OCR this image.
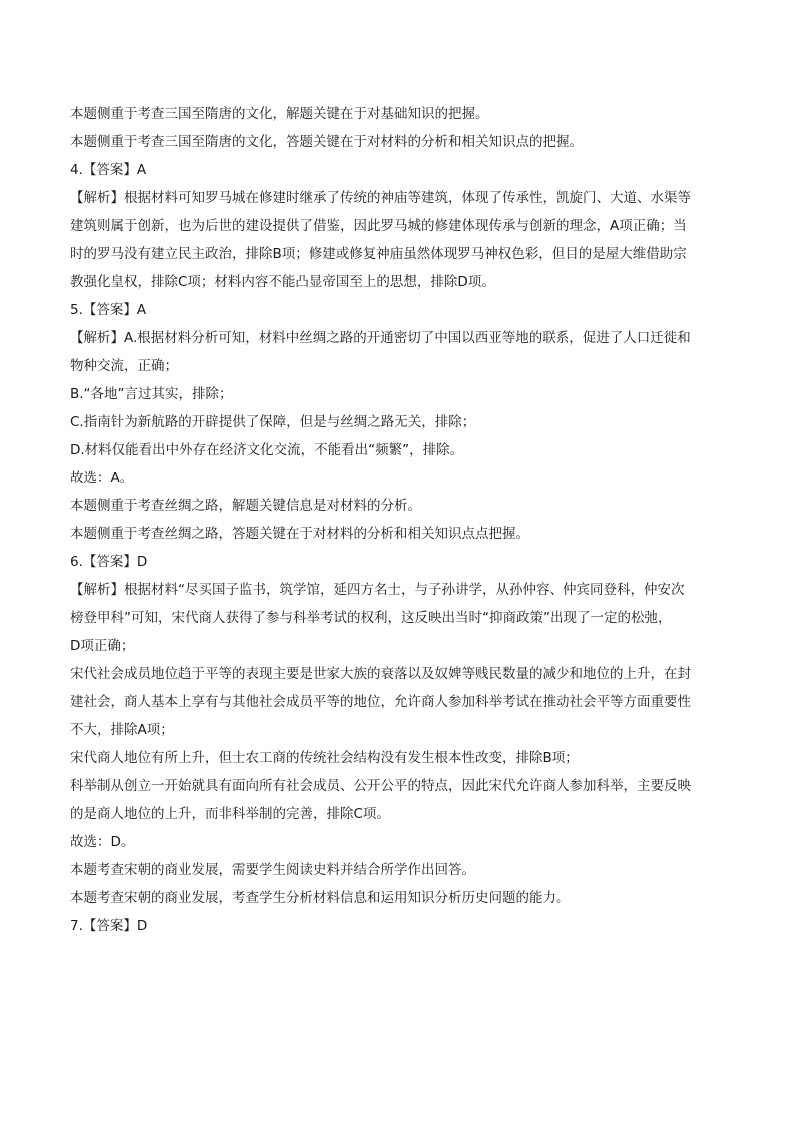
本题侧重于考查三国至隋唐的文化，解题关键在于对基础知识的把握。
本题侧重于考查三国至隋唐的文化，答题关键在于对材料的分析和相关知识点的把握。
4.【答案】A
【解析】根据材料可知罗马城在修建时继承了传统的神庙等建筑，体现了传承性，凯旋门、大道、水渠等
建筑则属于创新，也为后世的建设提供了借鉴，因此罗马城的修建体现传承与创新的理念，A项正确；当
时的罗马没有建立民主政治，排除B项；修建或修复神庙虽然体现罗马神权色彩，但目的是屋大维借助宗
教强化皇权，排除C项；材料内容不能凸显帝国至上的思想，排除D项。
5.【答案】A
【解析】A.根据材料分析可知，材料中丝绸之路的开通密切了中国以西亚等地的联系，促进了人口迁徙和
物种交流，正确；
B.“各地”言过其实，排除；
C.指南针为新航路的开辟提供了保障，但是与丝绸之路无关，排除；
D.材料仅能看出中外存在经济文化交流，不能看出“频繁”，排除。
故选：A。
本题侧重于考查丝绸之路，解题关键信息是对材料的分析。
本题侧重于考查丝绸之路，答题关键在于对材料的分析和相关知识点点把握。
6.【答案】D
【解析】根据材料“尽买国子监书，筑学馆，延四方名士，与子孙讲学，从孙仲容、仲宾同登科，仲安次
榜登甲科”可知，宋代商人获得了参与科举考试的权利，这反映出当时“抑商政策”出现了一定的松弛，
D项正确；
宋代社会成员地位趋于平等的表现主要是世家大族的衰落以及奴婢等贱民数量的减少和地位的上升，在封
建社会，商人基本上享有与其他社会成员平等的地位，允许商人参加科举考试在推动社会平等方面重要性
不大，排除A项；
宋代商人地位有所上升，但士农工商的传统社会结构没有发生根本性改变，排除B项；
科举制从创立一开始就具有面向所有社会成员、公开公平的特点，因此宋代允许商人参加科举，主要反映
的是商人地位的上升，而非科举制的完善，排除C项。
故选：D。
本题考查宋朝的商业发展，需要学生阅读史料并结合所学作出回答。
本题考查宋朝的商业发展，考查学生分析材料信息和运用知识分析历史问题的能力。
7.【答案】D
